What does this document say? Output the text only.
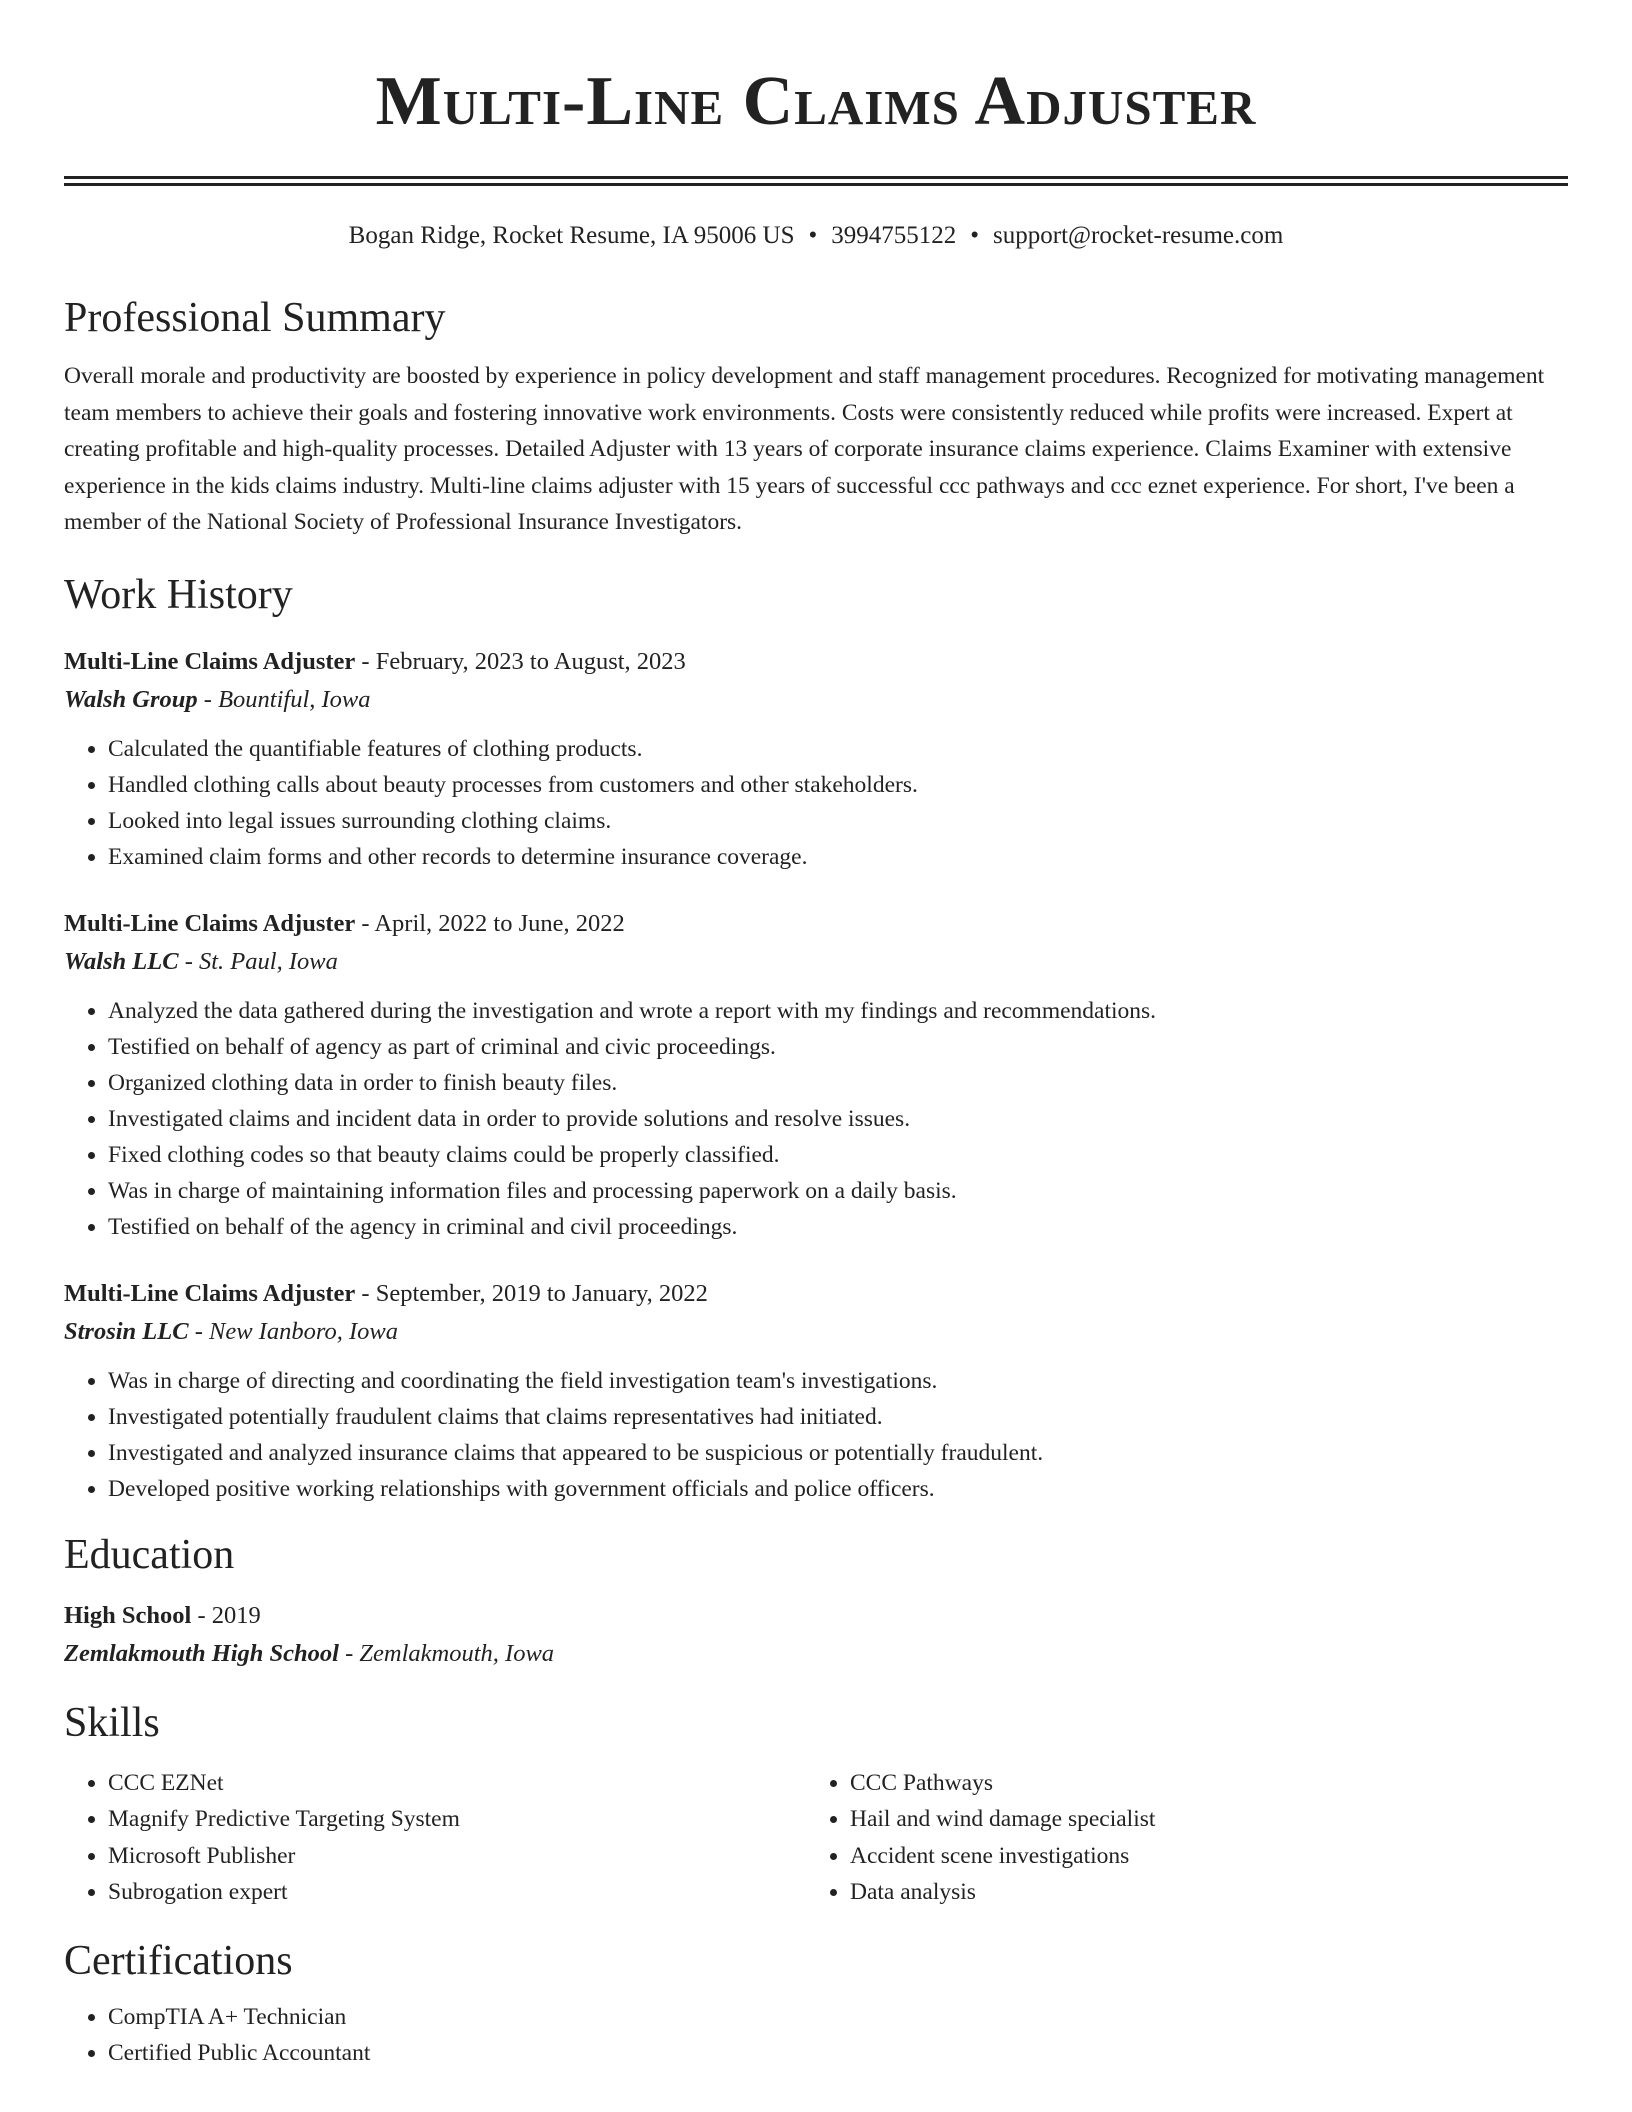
Multi-Line Claims Adjuster
Bogan Ridge, Rocket Resume, IA 95006 US • 3994755122 • support@rocket-resume.com
Professional Summary
Overall morale and productivity are boosted by experience in policy development and staff management procedures. Recognized for motivating management team members to achieve their goals and fostering innovative work environments. Costs were consistently reduced while profits were increased. Expert at creating profitable and high-quality processes. Detailed Adjuster with 13 years of corporate insurance claims experience. Claims Examiner with extensive experience in the kids claims industry. Multi-line claims adjuster with 15 years of successful ccc pathways and ccc eznet experience. For short, I've been a member of the National Society of Professional Insurance Investigators.
Work History
Multi-Line Claims Adjuster - February, 2023 to August, 2023
Walsh Group - Bountiful, Iowa
• Calculated the quantifiable features of clothing products.
• Handled clothing calls about beauty processes from customers and other stakeholders.
• Looked into legal issues surrounding clothing claims.
• Examined claim forms and other records to determine insurance coverage.
Multi-Line Claims Adjuster - April, 2022 to June, 2022
Walsh LLC - St. Paul, Iowa
• Analyzed the data gathered during the investigation and wrote a report with my findings and recommendations.
• Testified on behalf of agency as part of criminal and civic proceedings.
• Organized clothing data in order to finish beauty files.
• Investigated claims and incident data in order to provide solutions and resolve issues.
• Fixed clothing codes so that beauty claims could be properly classified.
• Was in charge of maintaining information files and processing paperwork on a daily basis.
• Testified on behalf of the agency in criminal and civil proceedings.
Multi-Line Claims Adjuster - September, 2019 to January, 2022
Strosin LLC - New Ianboro, Iowa
• Was in charge of directing and coordinating the field investigation team's investigations.
• Investigated potentially fraudulent claims that claims representatives had initiated.
• Investigated and analyzed insurance claims that appeared to be suspicious or potentially fraudulent.
• Developed positive working relationships with government officials and police officers.
Education
High School - 2019
Zemlakmouth High School - Zemlakmouth, Iowa
Skills
• CCC EZNet
• Magnify Predictive Targeting System
• Microsoft Publisher
• Subrogation expert
• CCC Pathways
• Hail and wind damage specialist
• Accident scene investigations
• Data analysis
Certifications
• CompTIA A+ Technician
• Certified Public Accountant
